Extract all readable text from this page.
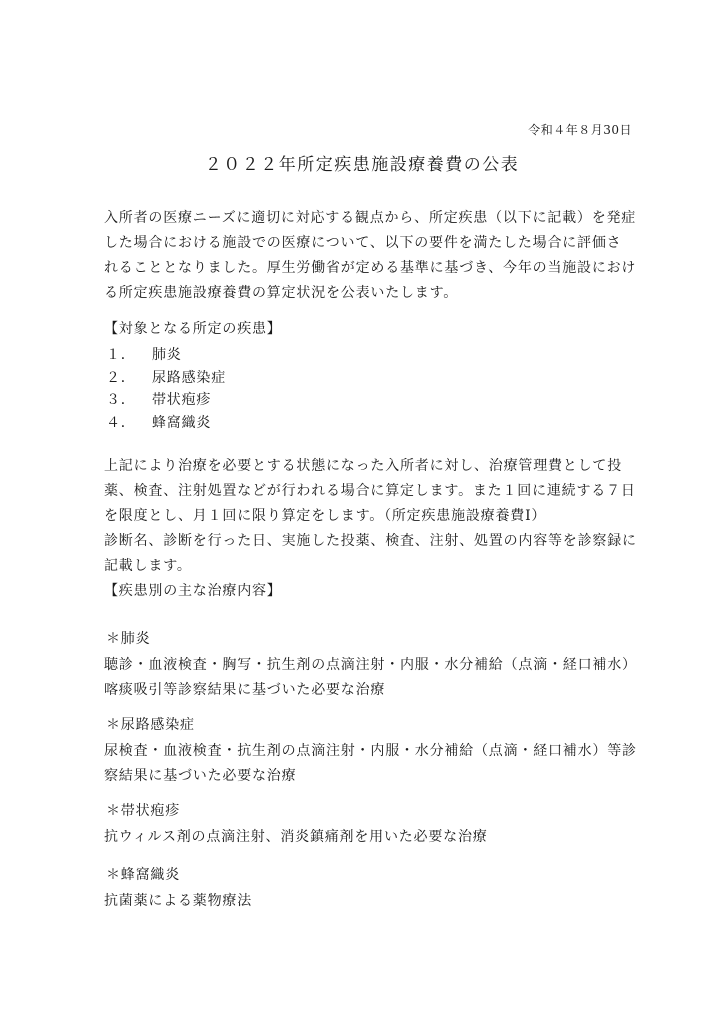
令和４年８月30日
２０２２年所定疾患施設療養費の公表

入所者の医療ニーズに適切に対応する観点から、所定疾患（以下に記載）を発症

した場合における施設での医療について、以下の要件を満たした場合に評価さ

れることとなりました。厚生労働省が定める基準に基づき、今年の当施設におけ

る所定疾患施設療養費の算定状況を公表いたします。

【対象となる所定の疾患】
１．	肺炎
２．	尿路感染症
３．	帯状疱疹
４．	蜂窩織炎

上記により治療を必要とする状態になった入所者に対し、治療管理費として投

薬、検査、注射処置などが行われる場合に算定します。また１回に連続する７日

を限度とし、月１回に限り算定をします。（所定疾患施設療養費Ⅰ）

診断名、診断を行った日、実施した投薬、検査、注射、処置の内容等を診察録に

記載します。

【疾患別の主な治療内容】
＊肺炎
聴診・血液検査・胸写・抗生剤の点滴注射・内服・水分補給（点滴・経口補水）
喀痰吸引等診察結果に基づいた必要な治療
＊尿路感染症
尿検査・血液検査・抗生剤の点滴注射・内服・水分補給（点滴・経口補水）等診
察結果に基づいた必要な治療
＊帯状疱疹
抗ウィルス剤の点滴注射、消炎鎮痛剤を用いた必要な治療
＊蜂窩織炎
抗菌薬による薬物療法
